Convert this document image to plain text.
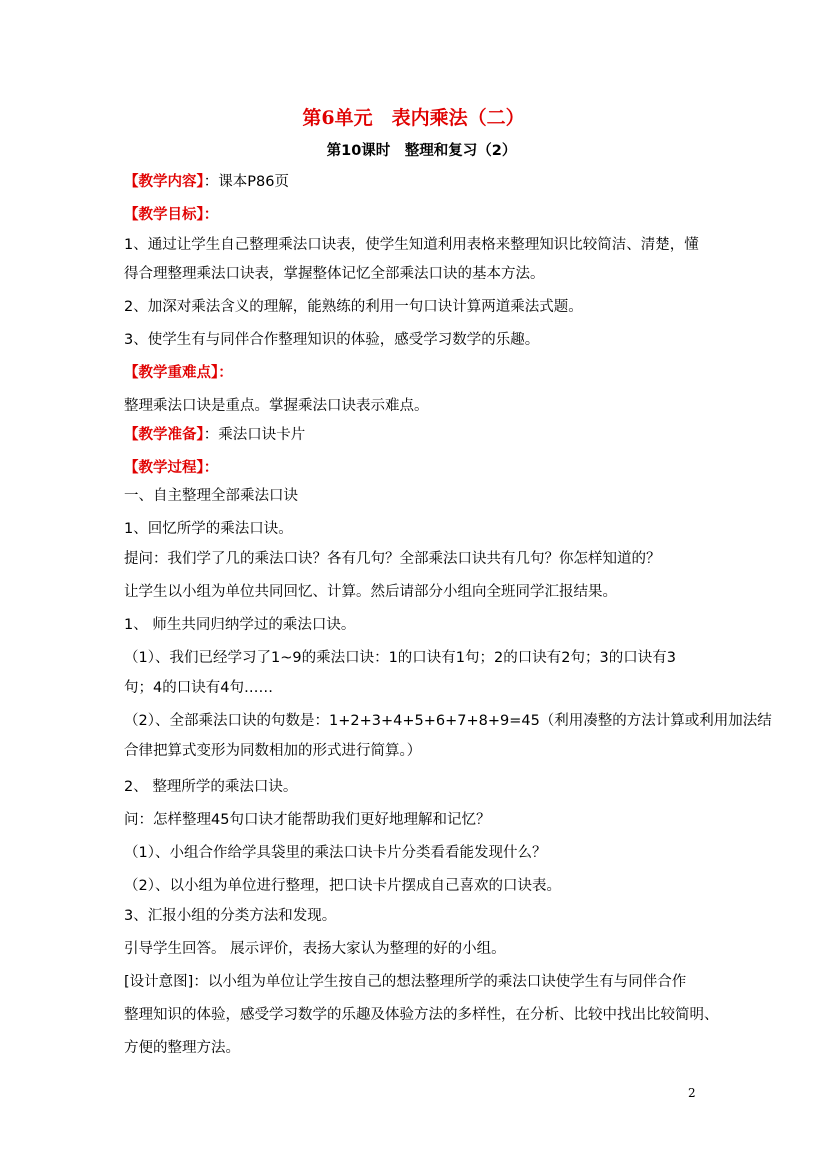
第6单元　表内乘法（二）
第10课时　整理和复习（2）
【教学内容】：课本P86页
【教学目标】：
1、通过让学生自己整理乘法口诀表，使学生知道利用表格来整理知识比较简洁、清楚，懂
得合理整理乘法口诀表，掌握整体记忆全部乘法口诀的基本方法。
2、加深对乘法含义的理解，能熟练的利用一句口诀计算两道乘法式题。
3、使学生有与同伴合作整理知识的体验，感受学习数学的乐趣。
【教学重难点】：
整理乘法口诀是重点。掌握乘法口诀表示难点。
【教学准备】：乘法口诀卡片
【教学过程】：
一、自主整理全部乘法口诀
1、回忆所学的乘法口诀。
提问：我们学了几的乘法口诀？各有几句？全部乘法口诀共有几句？你怎样知道的？
让学生以小组为单位共同回忆、计算。然后请部分小组向全班同学汇报结果。
1、 师生共同归纳学过的乘法口诀。
（1）、我们已经学习了1~9的乘法口诀：1的口诀有1句；2的口诀有2句；3的口诀有3
句；4的口诀有4句……
（2）、全部乘法口诀的句数是：1+2+3+4+5+6+7+8+9=45（利用凑整的方法计算或利用加法结
合律把算式变形为同数相加的形式进行简算。）
2、 整理所学的乘法口诀。
问：怎样整理45句口诀才能帮助我们更好地理解和记忆？
（1）、小组合作给学具袋里的乘法口诀卡片分类看看能发现什么？
（2）、以小组为单位进行整理，把口诀卡片摆成自己喜欢的口诀表。
3、汇报小组的分类方法和发现。
引导学生回答。 展示评价，表扬大家认为整理的好的小组。
[设计意图]：以小组为单位让学生按自己的想法整理所学的乘法口诀使学生有与同伴合作
整理知识的体验，感受学习数学的乐趣及体验方法的多样性，在分析、比较中找出比较简明、
方便的整理方法。
2
